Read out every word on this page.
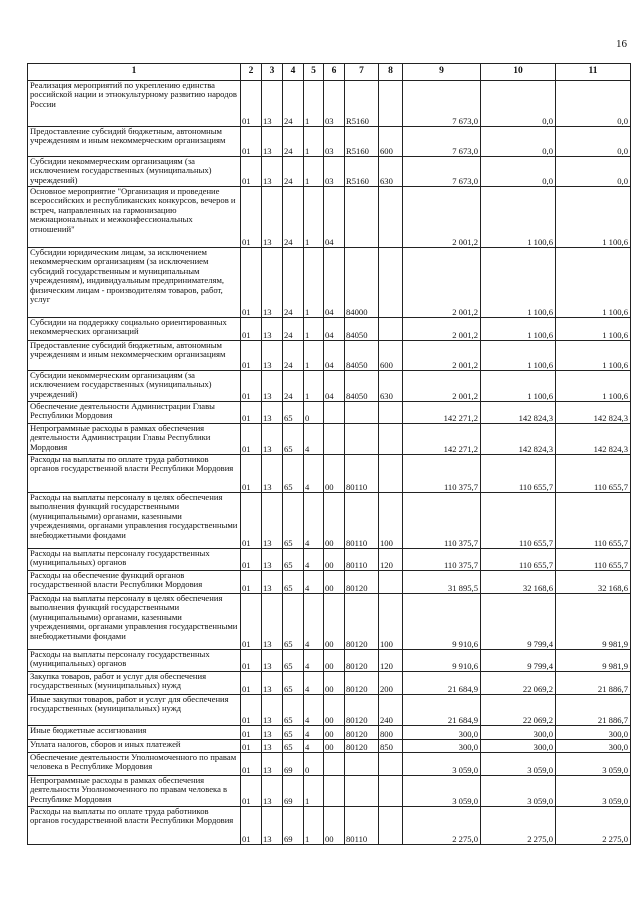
16
1	2	3	4	5	6	7	8	9	10	11
Реализация мероприятий по укреплению единства российской нации и этнокультурному развитию народов России	01	13	24	1	03	R5160		7 673,0	0,0	0,0
Предоставление субсидий бюджетным, автономным учреждениям и иным некоммерческим организациям	01	13	24	1	03	R5160	600	7 673,0	0,0	0,0
Субсидии некоммерческим организациям (за исключением государственных (муниципальных) учреждений)	01	13	24	1	03	R5160	630	7 673,0	0,0	0,0
Основное мероприятие "Организация и проведение всероссийских и республиканских конкурсов, вечеров и встреч, направленных на гармонизацию межнациональных и межконфессиональных отношений"	01	13	24	1	04			2 001,2	1 100,6	1 100,6
Субсидии юридическим лицам, за исключением некоммерческим организациям (за исключением субсидий государственным и муниципальным учреждениям), индивидуальным предпринимателям, физическим лицам - производителям товаров, работ, услуг	01	13	24	1	04	84000		2 001,2	1 100,6	1 100,6
Субсидии на поддержку социально ориентированных некоммерческих организаций	01	13	24	1	04	84050		2 001,2	1 100,6	1 100,6
Предоставление субсидий бюджетным, автономным учреждениям и иным некоммерческим организациям	01	13	24	1	04	84050	600	2 001,2	1 100,6	1 100,6
Субсидии некоммерческим организациям (за исключением государственных (муниципальных) учреждений)	01	13	24	1	04	84050	630	2 001,2	1 100,6	1 100,6
Обеспечение деятельности Администрации Главы Республики Мордовия	01	13	65	0				142 271,2	142 824,3	142 824,3
Непрограммные расходы в рамках обеспечения деятельности Администрации Главы Республики Мордовия	01	13	65	4				142 271,2	142 824,3	142 824,3
Расходы на выплаты по оплате труда работников органов государственной власти Республики Мордовия	01	13	65	4	00	80110		110 375,7	110 655,7	110 655,7
Расходы на выплаты персоналу в целях обеспечения выполнения функций государственными (муниципальными) органами, казенными учреждениями, органами управления государственными внебюджетными фондами	01	13	65	4	00	80110	100	110 375,7	110 655,7	110 655,7
Расходы на выплаты персоналу государственных (муниципальных) органов	01	13	65	4	00	80110	120	110 375,7	110 655,7	110 655,7
Расходы на обеспечение функций органов государственной власти Республики Мордовия	01	13	65	4	00	80120		31 895,5	32 168,6	32 168,6
Расходы на выплаты персоналу в целях обеспечения выполнения функций государственными (муниципальными) органами, казенными учреждениями, органами управления государственными внебюджетными фондами	01	13	65	4	00	80120	100	9 910,6	9 799,4	9 981,9
Расходы на выплаты персоналу государственных (муниципальных) органов	01	13	65	4	00	80120	120	9 910,6	9 799,4	9 981,9
Закупка товаров, работ и услуг для обеспечения государственных (муниципальных) нужд	01	13	65	4	00	80120	200	21 684,9	22 069,2	21 886,7
Иные закупки товаров, работ и услуг для обеспечения государственных (муниципальных) нужд	01	13	65	4	00	80120	240	21 684,9	22 069,2	21 886,7
Иные бюджетные ассигнования	01	13	65	4	00	80120	800	300,0	300,0	300,0
Уплата налогов, сборов и иных платежей	01	13	65	4	00	80120	850	300,0	300,0	300,0
Обеспечение деятельности Уполномоченного по правам человека в Республике Мордовия	01	13	69	0				3 059,0	3 059,0	3 059,0
Непрограммные расходы в рамках обеспечения деятельности Уполномоченного по правам человека в Республике Мордовия	01	13	69	1				3 059,0	3 059,0	3 059,0
Расходы на выплаты по оплате труда работников органов государственной власти Республики Мордовия	01	13	69	1	00	80110		2 275,0	2 275,0	2 275,0
